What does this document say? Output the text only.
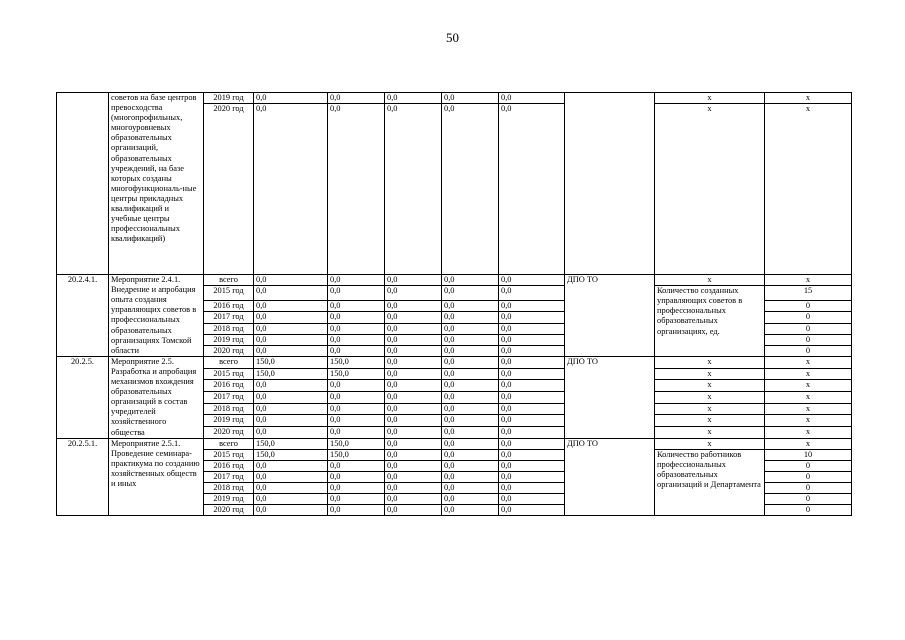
50
	советов на базе центров превосходства (многопрофильных, многоуровневых образовательных организаций, образовательных учреждений, на базе которых созданы многофункциональ-ные центры прикладных квалификаций и учебные центры профессиональных квалификаций)	2019 год	0,0	0,0	0,0	0,0	0,0		х	х
		2020 год	0,0	0,0	0,0	0,0	0,0		х	х
20.2.4.1.	Мероприятие 2.4.1. Внедрение и апробация опыта создания управляющих советов в профессиональных образовательных организациях Томской области	всего	0,0	0,0	0,0	0,0	0,0	ДПО ТО	х	х
		2015 год	0,0	0,0	0,0	0,0	0,0		Количество созданных управляющих советов в профессиональных образовательных организациях, ед.	15
		2016 год	0,0	0,0	0,0	0,0	0,0			0
		2017 год	0,0	0,0	0,0	0,0	0,0			0
		2018 год	0,0	0,0	0,0	0,0	0,0			0
		2019 год	0,0	0,0	0,0	0,0	0,0			0
		2020 год	0,0	0,0	0,0	0,0	0,0			0
20.2.5.	Мероприятие 2.5. Разработка и апробация механизмов вхождения образовательных организаций в состав учредителей хозяйственного общества	всего	150,0	150,0	0,0	0,0	0,0	ДПО ТО	х	х
		2015 год	150,0	150,0	0,0	0,0	0,0		х	х
		2016 год	0,0	0,0	0,0	0,0	0,0		х	х
		2017 год	0,0	0,0	0,0	0,0	0,0		х	х
		2018 год	0,0	0,0	0,0	0,0	0,0		х	х
		2019 год	0,0	0,0	0,0	0,0	0,0		х	х
		2020 год	0,0	0,0	0,0	0,0	0,0		х	х
20.2.5.1.	Мероприятие 2.5.1. Проведение семинара-практикума по созданию хозяйственных обществ и иных	всего	150,0	150,0	0,0	0,0	0,0	ДПО ТО	х	х
		2015 год	150,0	150,0	0,0	0,0	0,0		Количество работников профессиональных образовательных организаций и Департамента	10
		2016 год	0,0	0,0	0,0	0,0	0,0			0
		2017 год	0,0	0,0	0,0	0,0	0,0			0
		2018 год	0,0	0,0	0,0	0,0	0,0			0
		2019 год	0,0	0,0	0,0	0,0	0,0			0
		2020 год	0,0	0,0	0,0	0,0	0,0			0
